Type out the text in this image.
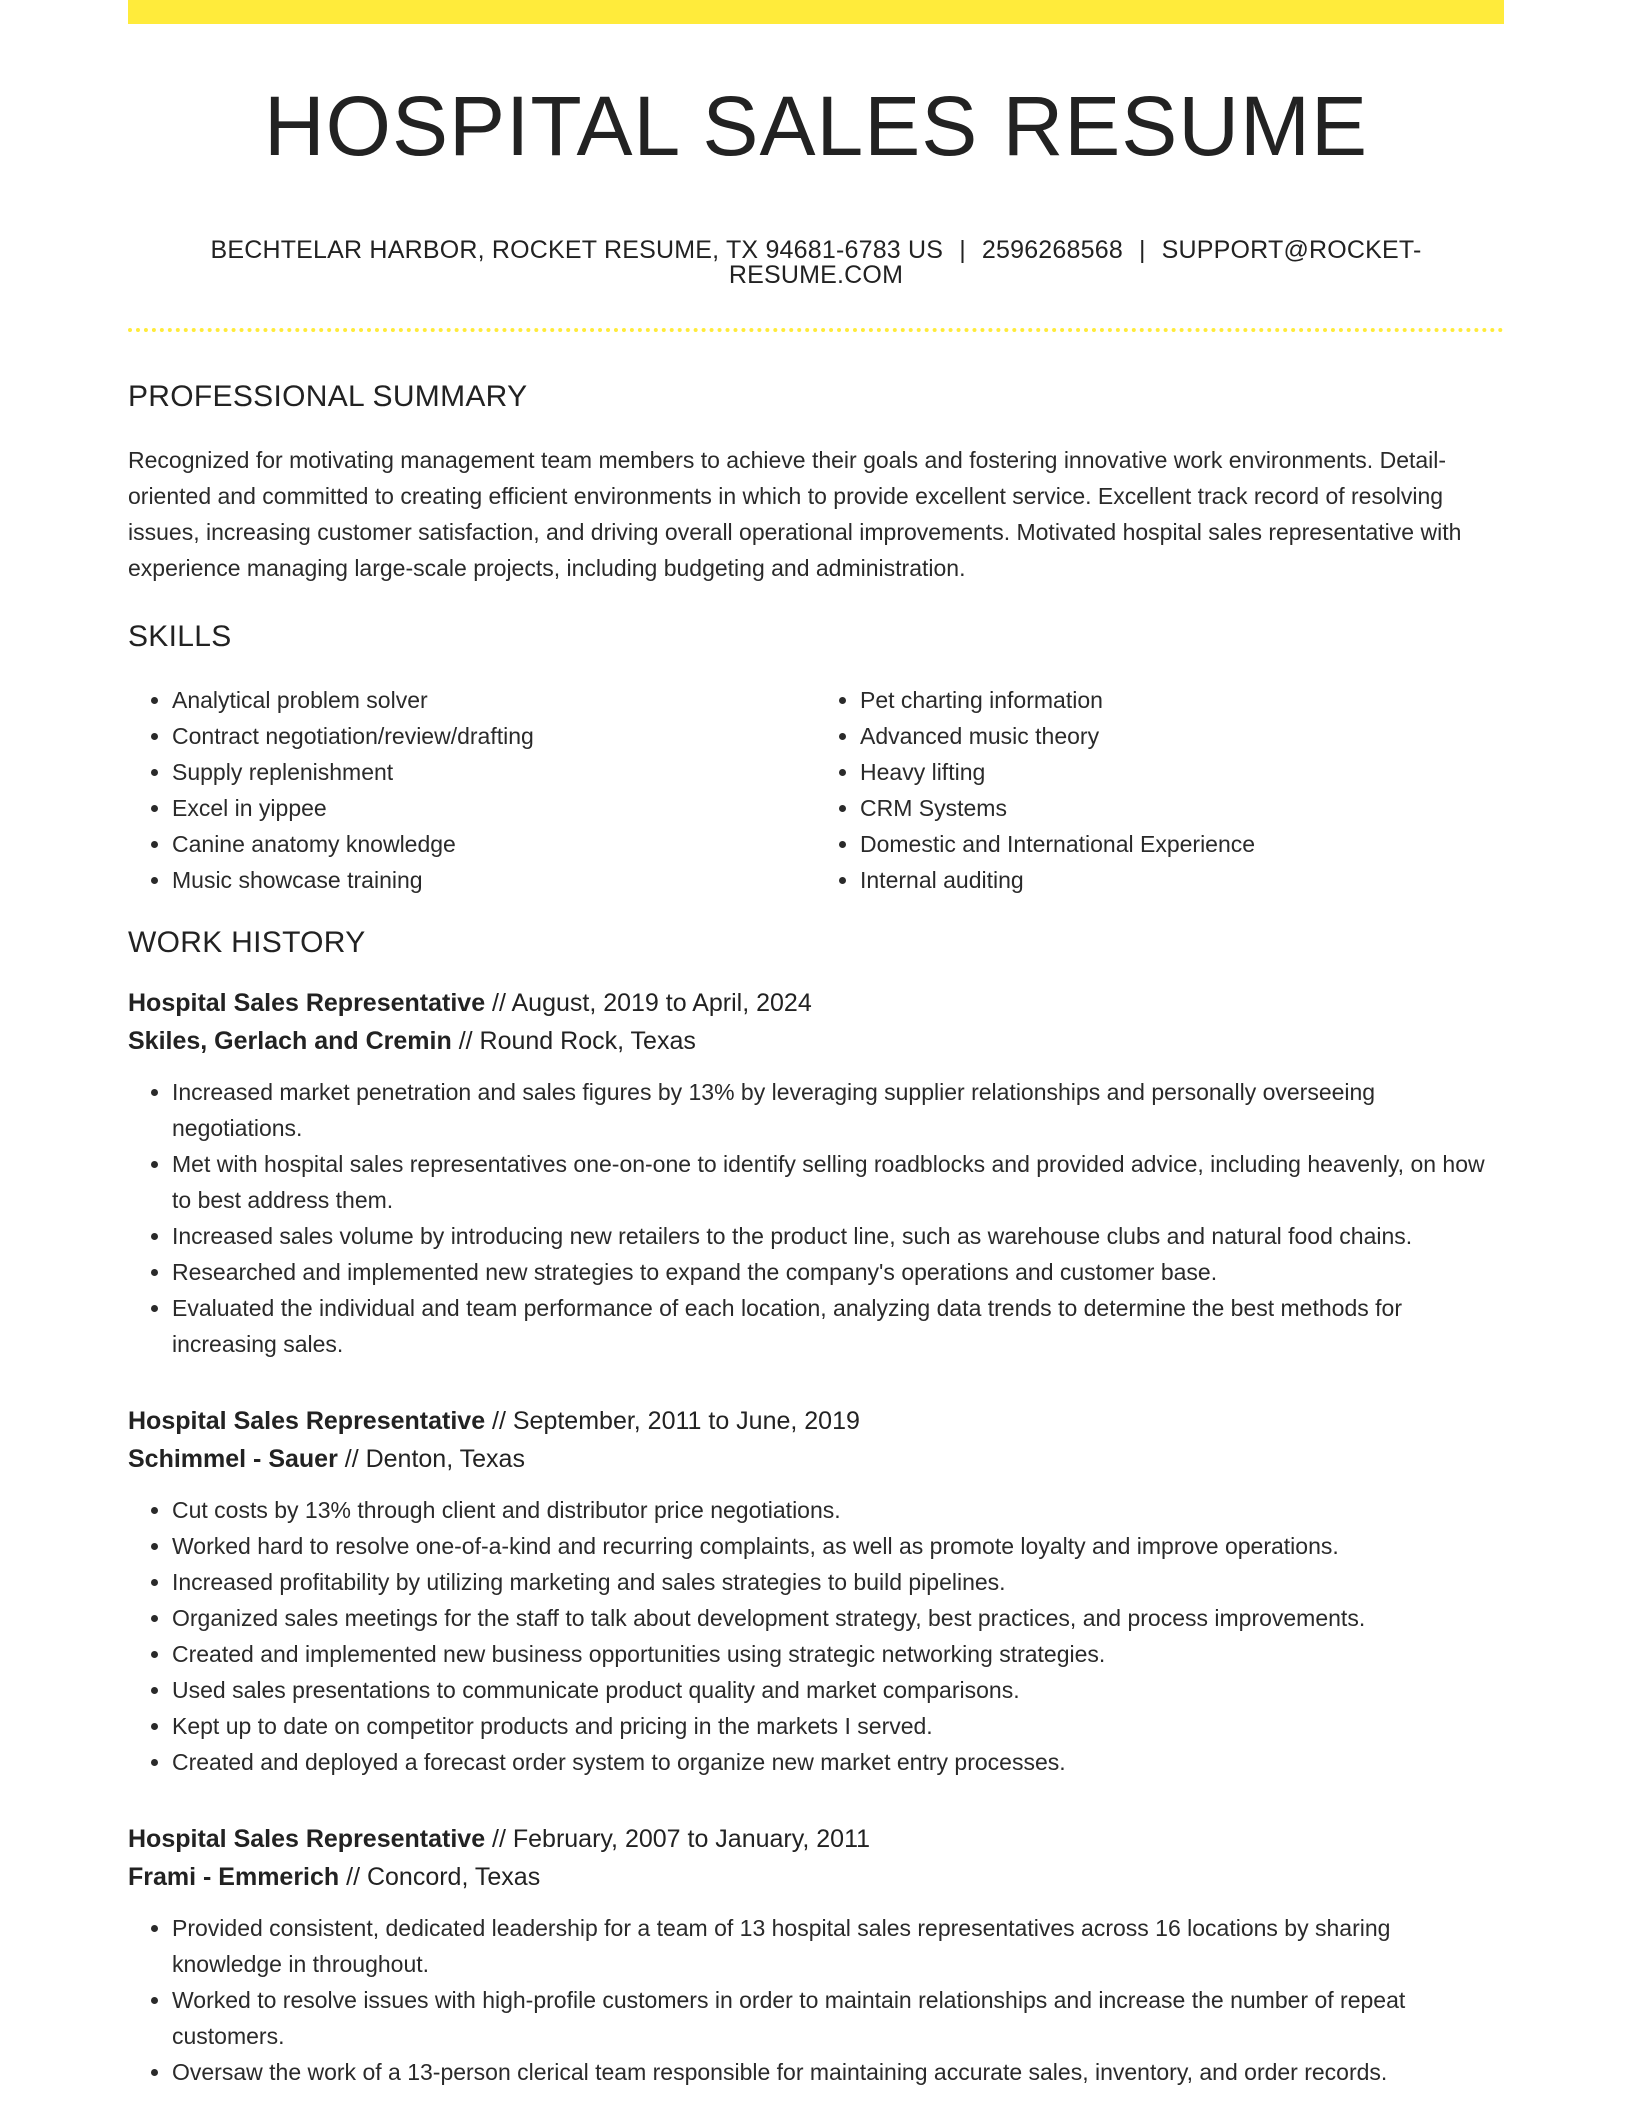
HOSPITAL SALES RESUME
BECHTELAR HARBOR, ROCKET RESUME, TX 94681-6783 US | 2596268568 | SUPPORT@ROCKET-RESUME.COM
PROFESSIONAL SUMMARY

Recognized for motivating management team members to achieve their goals and fostering innovative work environments. Detail-oriented and committed to creating efficient environments in which to provide excellent service. Excellent track record of resolving issues, increasing customer satisfaction, and driving overall operational improvements. Motivated hospital sales representative with experience managing large-scale projects, including budgeting and administration.

SKILLS
• Analytical problem solver
• Contract negotiation/review/drafting
• Supply replenishment
• Excel in yippee
• Canine anatomy knowledge
• Music showcase training
• Pet charting information
• Advanced music theory
• Heavy lifting
• CRM Systems
• Domestic and International Experience
• Internal auditing
WORK HISTORY
Hospital Sales Representative // August, 2019 to April, 2024
Skiles, Gerlach and Cremin // Round Rock, Texas
• Increased market penetration and sales figures by 13% by leveraging supplier relationships and personally overseeing negotiations.
• Met with hospital sales representatives one-on-one to identify selling roadblocks and provided advice, including heavenly, on how to best address them.
• Increased sales volume by introducing new retailers to the product line, such as warehouse clubs and natural food chains.
• Researched and implemented new strategies to expand the company's operations and customer base.
• Evaluated the individual and team performance of each location, analyzing data trends to determine the best methods for increasing sales.
Hospital Sales Representative // September, 2011 to June, 2019
Schimmel - Sauer // Denton, Texas
• Cut costs by 13% through client and distributor price negotiations.
• Worked hard to resolve one-of-a-kind and recurring complaints, as well as promote loyalty and improve operations.
• Increased profitability by utilizing marketing and sales strategies to build pipelines.
• Organized sales meetings for the staff to talk about development strategy, best practices, and process improvements.
• Created and implemented new business opportunities using strategic networking strategies.
• Used sales presentations to communicate product quality and market comparisons.
• Kept up to date on competitor products and pricing in the markets I served.
• Created and deployed a forecast order system to organize new market entry processes.
Hospital Sales Representative // February, 2007 to January, 2011
Frami - Emmerich // Concord, Texas
• Provided consistent, dedicated leadership for a team of 13 hospital sales representatives across 16 locations by sharing knowledge in throughout.
• Worked to resolve issues with high-profile customers in order to maintain relationships and increase the number of repeat customers.
• Oversaw the work of a 13-person clerical team responsible for maintaining accurate sales, inventory, and order records.
